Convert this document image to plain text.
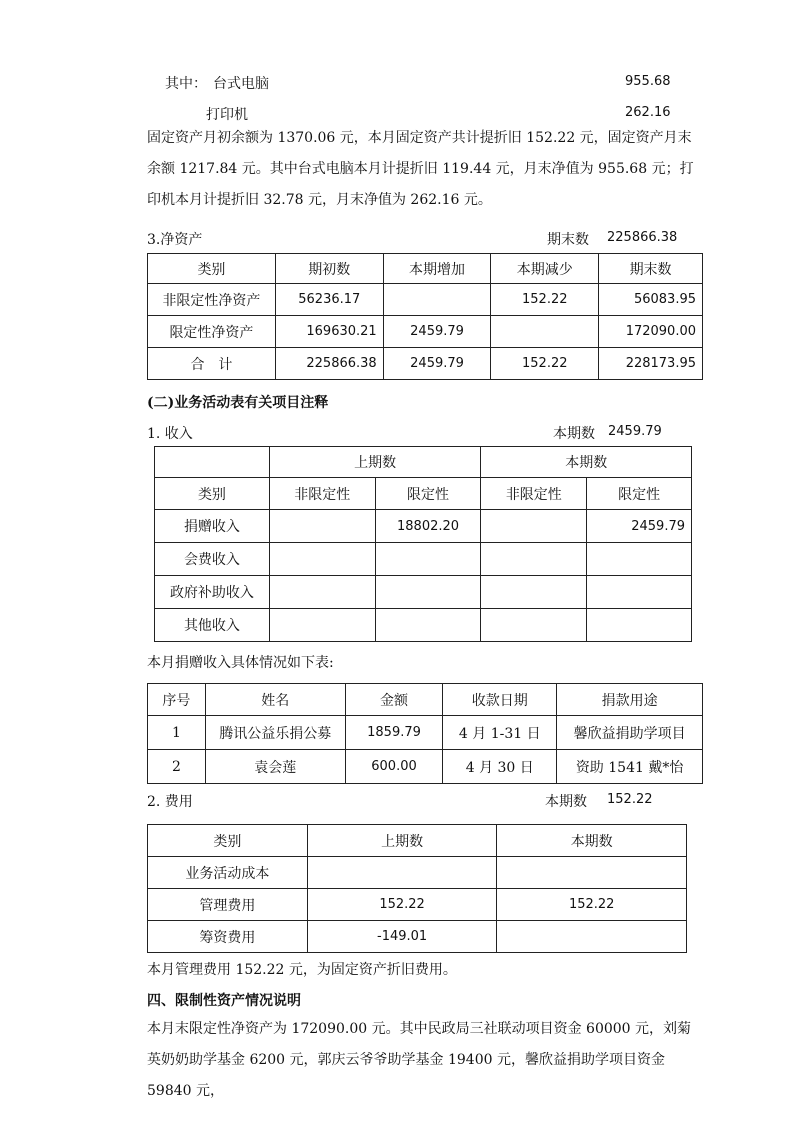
其中： 台式电脑	955.68
打印机	262.16
固定资产月初余额为 1370.06 元，本月固定资产共计提折旧 152.22 元，固定资产月末余额 1217.84 元。其中台式电脑本月计提折旧 119.44 元，月末净值为 955.68 元；打印机本月计提折旧 32.78 元，月末净值为 262.16 元。
3.净资产	期末数 225866.38
类别	期初数	本期增加	本期减少	期末数
非限定性净资产	56236.17		152.22	56083.95
限定性净资产	169630.21	2459.79		172090.00
合　计	225866.38	2459.79	152.22	228173.95
(二)业务活动表有关项目注释
1. 收入	本期数 2459.79
	上期数		本期数	
类别	非限定性	限定性	非限定性	限定性
捐赠收入		18802.20		2459.79
会费收入				
政府补助收入				
其他收入				
本月捐赠收入具体情况如下表:
序号	姓名	金额	收款日期	捐款用途
1	腾讯公益乐捐公募	1859.79	4 月 1-31 日	馨欣益捐助学项目
2	袁会莲	600.00	4 月 30 日	资助 1541 戴*怡
2. 费用	本期数 152.22
类别	上期数	本期数
业务活动成本		
管理费用	152.22	152.22
筹资费用	-149.01	
本月管理费用 152.22 元，为固定资产折旧费用。
四、限制性资产情况说明
本月末限定性净资产为 172090.00 元。其中民政局三社联动项目资金 60000 元，刘菊英奶奶助学基金 6200 元，郭庆云爷爷助学基金 19400 元，馨欣益捐助学项目资金 59840 元，
